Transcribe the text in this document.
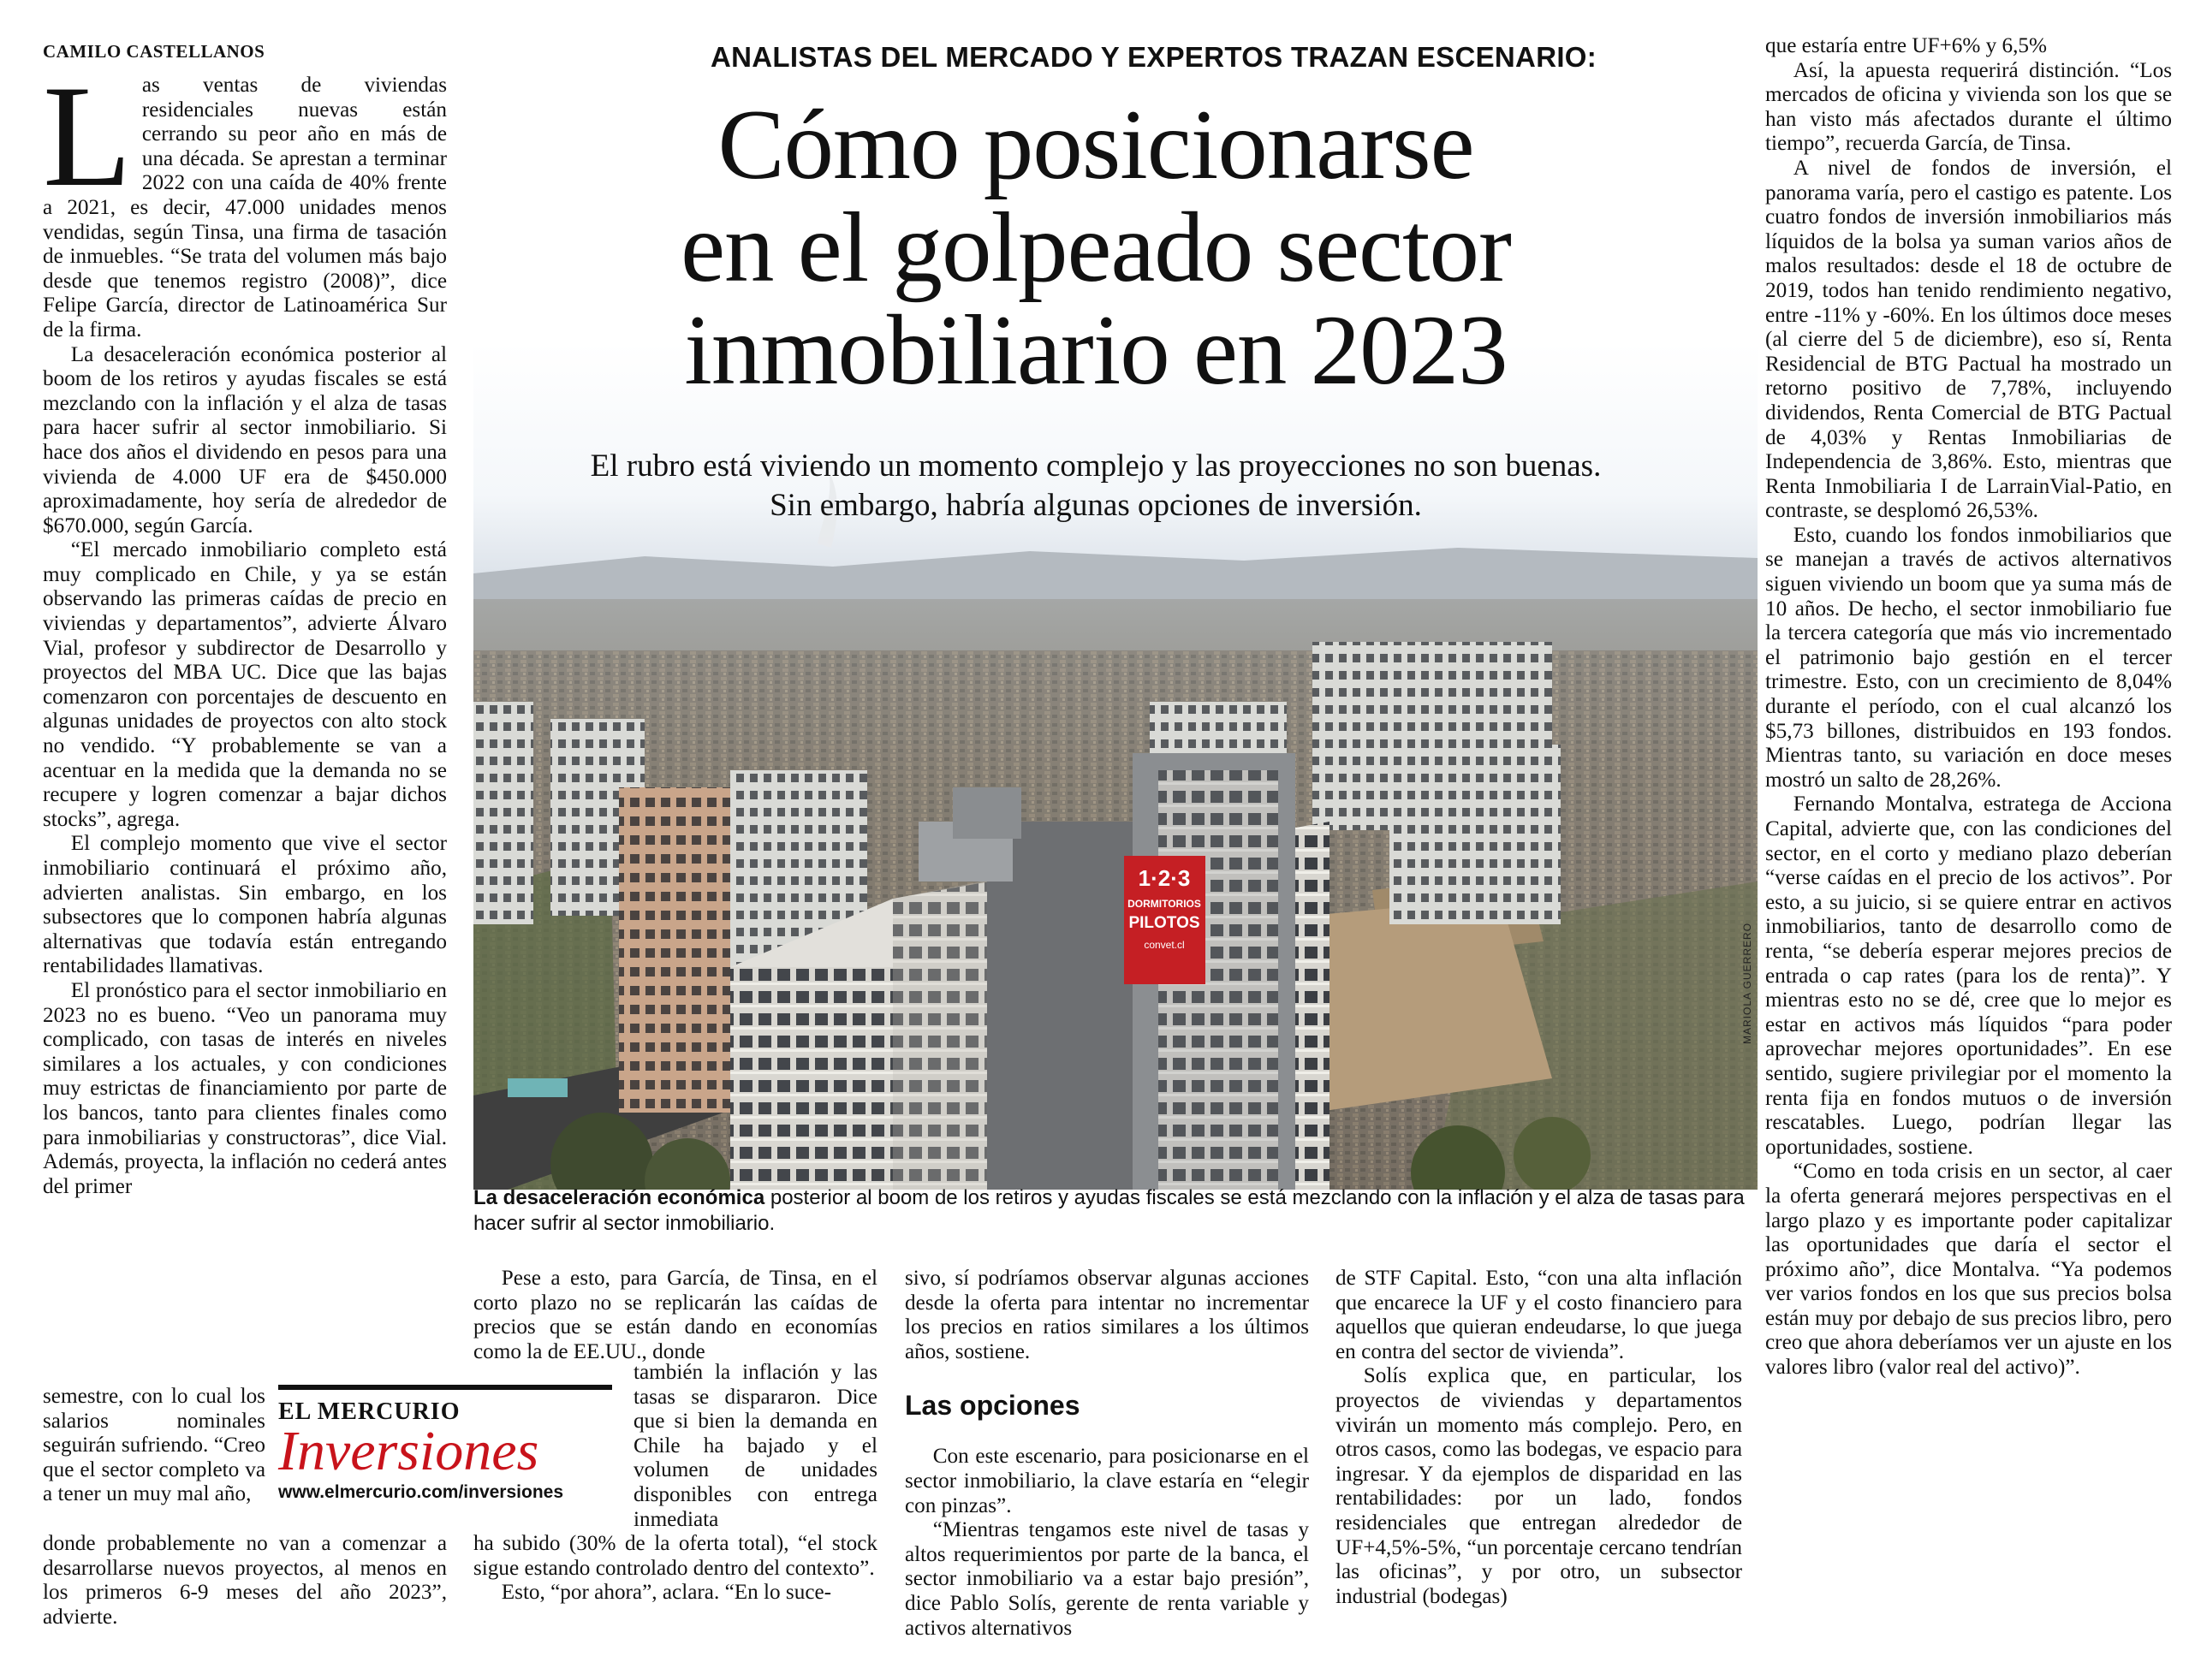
CAMILO CASTELLANOS	ANALISTAS DEL MERCADO Y EXPERTOS TRAZAN ESCENARIO:
1·2·3
DORMITORIOS
PILOTOS
convet.cl	MARIOLA GUERRERO
Cómo posicionarse
en el golpeado sector
inmobiliario en 2023
El rubro está viviendo un momento complejo y las proyecciones no son buenas.
Sin embargo, habría algunas opciones de inversión.
La desaceleración económica posterior al boom de los retiros y ayudas fiscales se está mezclando con la inflación y el alza de tasas para hacer sufrir al sector inmobiliario.

L as ventas de viviendas residenciales nuevas están cerrando su peor año en más de una década. Se aprestan a terminar 2022 con una caída de 40% frente a 2021, es decir, 47.000 unidades menos vendidas, según Tinsa, una firma de tasación de inmuebles. “Se trata del volumen más bajo desde que tenemos registro (2008)”, dice Felipe García, director de Latinoamérica Sur de la firma.

La desaceleración económica posterior al boom de los retiros y ayudas fiscales se está mezclando con la inflación y el alza de tasas para hacer sufrir al sector inmobiliario. Si hace dos años el dividendo en pesos para una vivienda de 4.000 UF era de $450.000 aproximadamente, hoy sería de alrededor de $670.000, según García.

“El mercado inmobiliario completo está muy complicado en Chile, y ya se están observando las primeras caídas de precio en viviendas y departamentos”, advierte Álvaro Vial, profesor y subdirector de Desarrollo y proyectos del MBA UC. Dice que las bajas comenzaron con porcentajes de descuento en algunas unidades de proyectos con alto stock no vendido. “Y probablemente se van a acentuar en la medida que la demanda no se recupere y logren comenzar a bajar dichos stocks”, agrega.

El complejo momento que vive el sector inmobiliario continuará el próximo año, advierten analistas. Sin embargo, en los subsectores que lo componen habría algunas alternativas que todavía están entregando rentabilidades llamativas.

El pronóstico para el sector inmobiliario en 2023 no es bueno. “Veo un panorama muy complicado, con tasas de interés en niveles similares a los actuales, y con condiciones muy estrictas de financiamiento por parte de los bancos, tanto para clientes finales como para inmobiliarias y constructoras”, dice Vial. Además, proyecta, la inflación no cederá antes del primer

semestre, con lo cual los salarios nominales seguirán sufriendo. “Creo que el sector completo va a tener un muy mal año,

donde probablemente no van a comenzar a desarrollarse nuevos proyectos, al menos en los primeros 6-9 meses del año 2023”, advierte.

EL MERCURIO
Inversiones
www.elmercurio.com/inversiones

Pese a esto, para García, de Tinsa, en el corto plazo no se replicarán las caídas de precios que se están dando en economías como la de EE.UU., donde

también la inflación y las tasas se dispararon. Dice que si bien la demanda en Chile ha bajado y el volumen de unidades disponibles con entrega inmediata

ha subido (30% de la oferta total), “el stock sigue estando controlado dentro del contexto”.

Esto, “por ahora”, aclara. “En lo suce-

sivo, sí podríamos observar algunas acciones desde la oferta para intentar no incrementar los precios en ratios similares a los últimos años, sostiene.

Las opciones

Con este escenario, para posicionarse en el sector inmobiliario, la clave estaría en “elegir con pinzas”.

“Mientras tengamos este nivel de tasas y altos requerimientos por parte de la banca, el sector inmobiliario va a estar bajo presión”, dice Pablo Solís, gerente de renta variable y activos alternativos

de STF Capital. Esto, “con una alta inflación que encarece la UF y el costo financiero para aquellos que quieran endeudarse, lo que juega en contra del sector de vivienda”.

Solís explica que, en particular, los proyectos de viviendas y departamentos vivirán un momento más complejo. Pero, en otros casos, como las bodegas, ve espacio para ingresar. Y da ejemplos de disparidad en las rentabilidades: por un lado, fondos residenciales que entregan alrededor de UF+4,5%-5%, “un porcentaje cercano tendrían las oficinas”, y por otro, un subsector industrial (bodegas)

que estaría entre UF+6% y 6,5%

Así, la apuesta requerirá distinción. “Los mercados de oficina y vivienda son los que se han visto más afectados durante el último tiempo”, recuerda García, de Tinsa.

A nivel de fondos de inversión, el panorama varía, pero el castigo es patente. Los cuatro fondos de inversión inmobiliarios más líquidos de la bolsa ya suman varios años de malos resultados: desde el 18 de octubre de 2019, todos han tenido rendimiento negativo, entre -11% y -60%. En los últimos doce meses (al cierre del 5 de diciembre), eso sí, Renta Residencial de BTG Pactual ha mostrado un retorno positivo de 7,78%, incluyendo dividendos, Renta Comercial de BTG Pactual de 4,03% y Rentas Inmobiliarias de Independencia de 3,86%. Esto, mientras que Renta Inmobiliaria I de LarrainVial-Patio, en contraste, se desplomó 26,53%.

Esto, cuando los fondos inmobiliarios que se manejan a través de activos alternativos siguen viviendo un boom que ya suma más de 10 años. De hecho, el sector inmobiliario fue la tercera categoría que más vio incrementado el patrimonio bajo gestión en el tercer trimestre. Esto, con un crecimiento de 8,04% durante el período, con el cual alcanzó los $5,73 billones, distribuidos en 193 fondos. Mientras tanto, su variación en doce meses mostró un salto de 28,26%.

Fernando Montalva, estratega de Acciona Capital, advierte que, con las condiciones del sector, en el corto y mediano plazo deberían “verse caídas en el precio de los activos”. Por esto, a su juicio, si se quiere entrar en activos inmobiliarios, tanto de desarrollo como de renta, “se debería esperar mejores precios de entrada o cap rates (para los de renta)”. Y mientras esto no se dé, cree que lo mejor es estar en activos más líquidos “para poder aprovechar mejores oportunidades”. En ese sentido, sugiere privilegiar por el momento la renta fija en fondos mutuos o de inversión rescatables. Luego, podrían llegar las oportunidades, sostiene.

“Como en toda crisis en un sector, al caer la oferta generará mejores perspectivas en el largo plazo y es importante poder capitalizar las oportunidades que daría el sector el próximo año”, dice Montalva. “Ya podemos ver varios fondos en los que sus precios bolsa están muy por debajo de sus precios libro, pero creo que ahora deberíamos ver un ajuste en los valores libro (valor real del activo)”.
